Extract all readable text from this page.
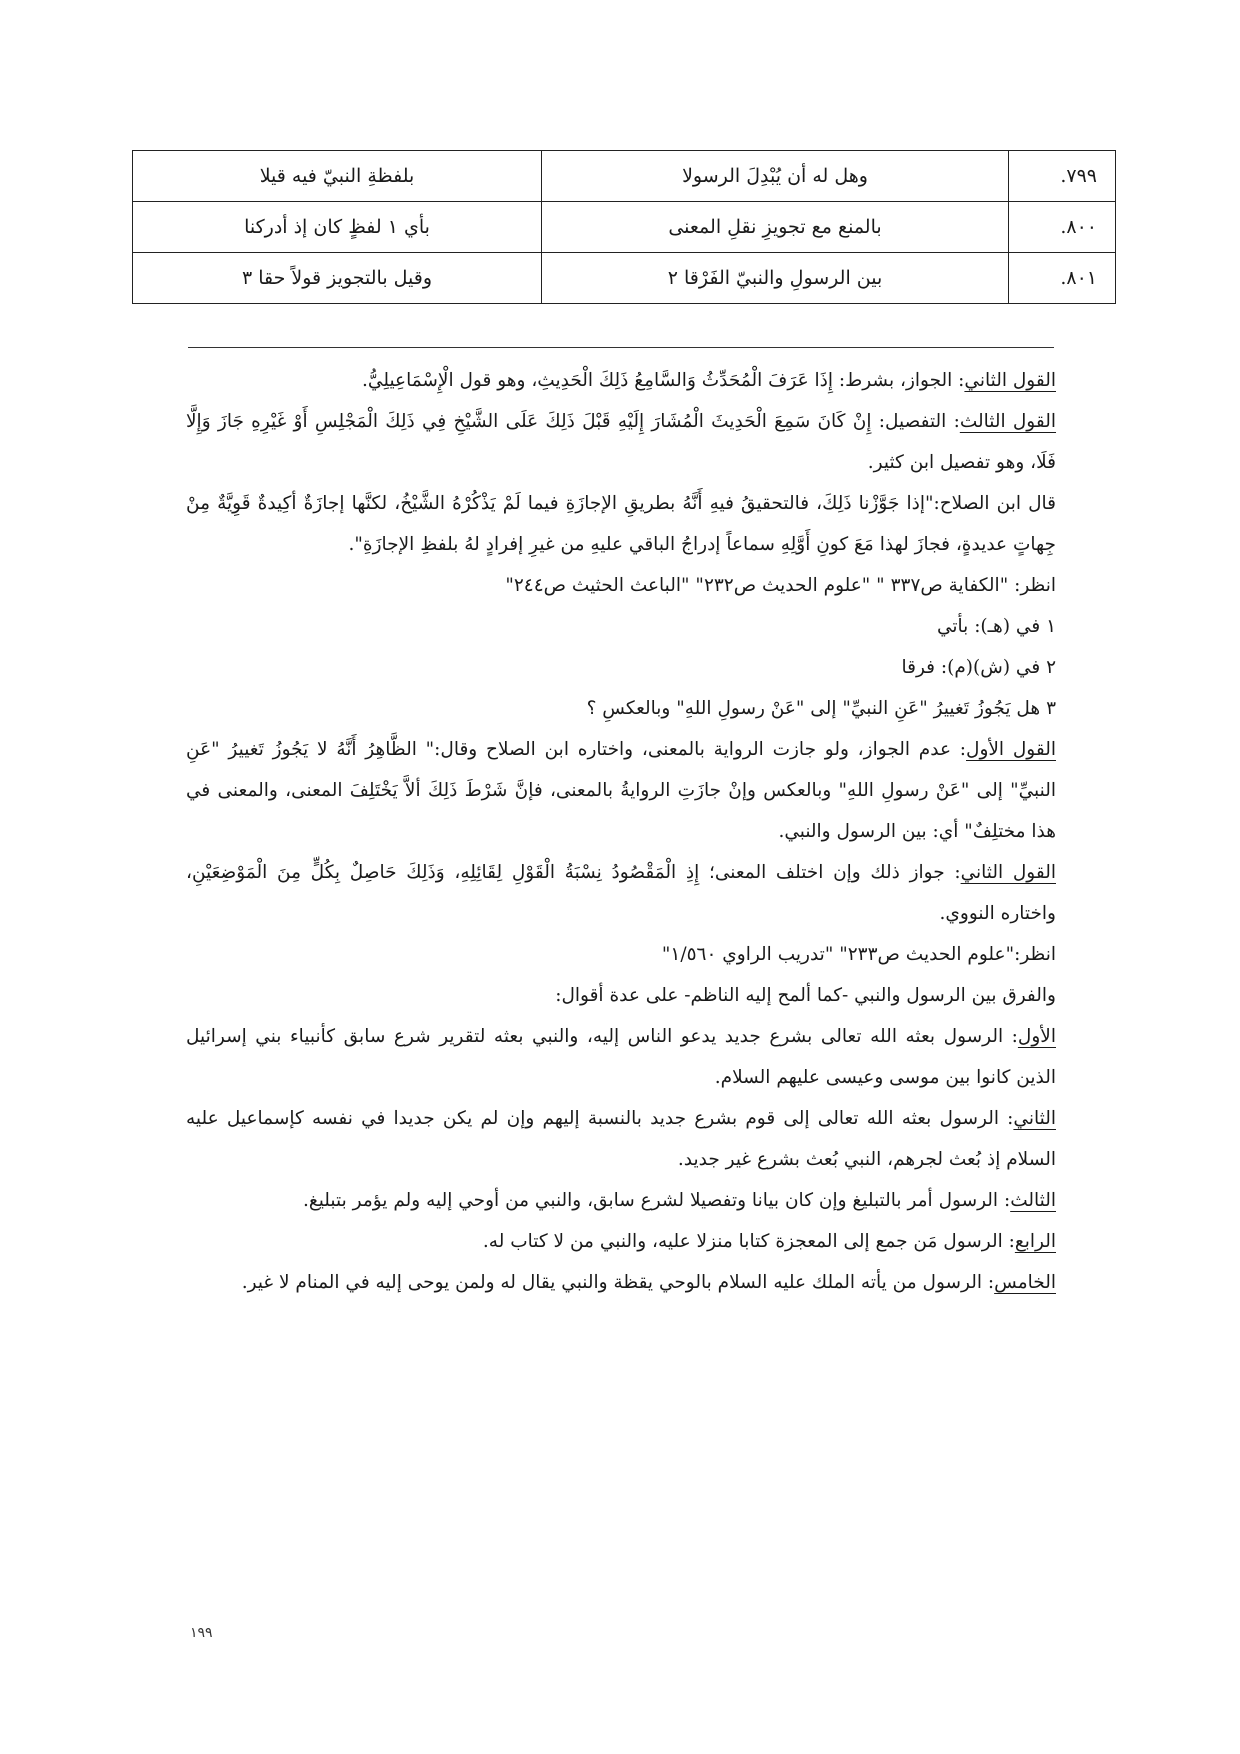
٧٩٩.	وهل له أن يُبْدِلَ الرسولا	بلفظةِ النبيّ فيه قيلا
٨٠٠.	بالمنع مع تجويزِ نقلِ المعنى	بأي ١ لفظٍ كان إذ أدركنا
٨٠١.	بين الرسولِ والنبيّ الفَرْقا ٢	وقيل بالتجويز قولاً حقا ٣

القول الثاني: الجواز، بشرط: إِذَا عَرَفَ الْمُحَدِّثُ وَالسَّامِعُ ذَلِكَ الْحَدِيثِ، وهو قول الْإِسْمَاعِيلِيُّ.

القول الثالث: التفصيل: إِنْ كَانَ سَمِعَ الْحَدِيثَ الْمُشَارَ إِلَيْهِ قَبْلَ ذَلِكَ عَلَى الشَّيْخِ فِي ذَلِكَ الْمَجْلِسِ أَوْ غَيْرِهِ جَازَ وَإِلَّا فَلَا، وهو تفصيل ابن كثير.

قال ابن الصلاح:"إذا جَوَّزْنا ذَلِكَ، فالتحقيقُ فيهِ أَنَّهُ بطريقِ الإجازَةِ فيما لَمْ يَذْكُرْهُ الشَّيْخُ، لكنَّها إجازَةٌ أكِيدةٌ قَوِيَّةٌ مِنْ جِهاتٍ عديدةٍ، فجازَ لهذا مَعَ كونِ أَوَّلِهِ سماعاً إدراجُ الباقي عليهِ من غيرِ إفرادٍ لهُ بلفظِ الإجازَةِ".

انظر: "الكفاية ص٣٣٧ " "علوم الحديث ص٢٣٢" "الباعث الحثيث ص٢٤٤"

١ في (هـ): بأتي

٢ في (ش)(م): فرقا

٣ هل يَجُوزُ تَغييرُ "عَنِ النبيِّ" إلى "عَنْ رسولِ اللهِ" وبالعكسِ ؟

القول الأول: عدم الجواز، ولو جازت الرواية بالمعنى، واختاره ابن الصلاح وقال:" الظَّاهِرُ أَنَّهُ لا يَجُوزُ تَغييرُ "عَنِ النبيِّ" إلى "عَنْ رسولِ اللهِ" وبالعكس وإنْ جازَتِ الروايةُ بالمعنى، فإنَّ شَرْطَ ذَلِكَ ألاَّ يَخْتَلِفَ المعنى، والمعنى في هذا مختلِفٌ" أي: بين الرسول والنبي.

القول الثاني: جواز ذلك وإن اختلف المعنى؛ إِذِ الْمَقْصُودُ نِسْبَةُ الْقَوْلِ لِقَائِلِهِ، وَذَلِكَ حَاصِلٌ بِكُلٍّ مِنَ الْمَوْضِعَيْنِ، واختاره النووي.

انظر:"علوم الحديث ص٢٣٣" "تدريب الراوي ١/٥٦٠"

والفرق بين الرسول والنبي -كما ألمح إليه الناظم- على عدة أقوال:

الأول: الرسول بعثه الله تعالى بشرع جديد يدعو الناس إليه، والنبي بعثه لتقرير شرع سابق كأنبياء بني إسرائيل الذين كانوا بين موسى وعيسى عليهم السلام.

الثاني: الرسول بعثه الله تعالى إلى قوم بشرع جديد بالنسبة إليهم وإن لم يكن جديدا في نفسه كإسماعيل عليه السلام إذ بُعث لجرهم، النبي بُعث بشرع غير جديد.

الثالث: الرسول أمر بالتبليغ وإن كان بيانا وتفصيلا لشرع سابق، والنبي من أوحي إليه ولم يؤمر بتبليغ.

الرابع: الرسول مَن جمع إلى المعجزة كتابا منزلا عليه، والنبي من لا كتاب له.

الخامس: الرسول من يأته الملك عليه السلام بالوحي يقظة والنبي يقال له ولمن يوحى إليه في المنام لا غير.

١٩٩
